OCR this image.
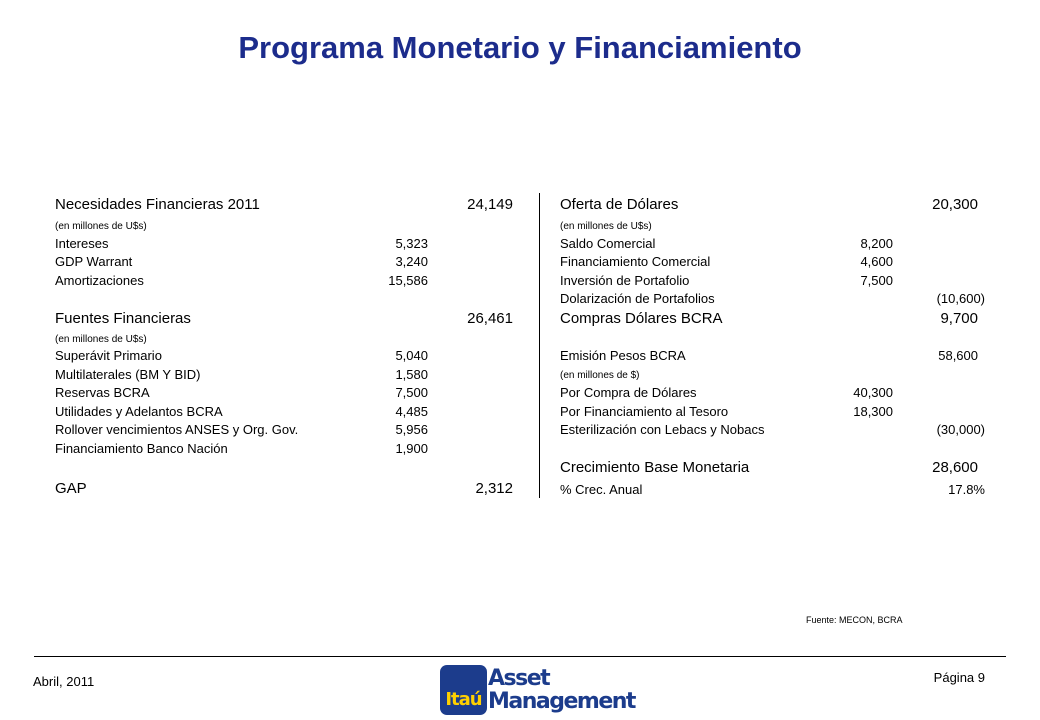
Programa Monetario y Financiamiento
Necesidades Financieras 2011	24,149
(en millones de U$s)
Intereses	5,323
GDP Warrant	3,240
Amortizaciones	15,586
Fuentes Financieras	26,461
(en millones de U$s)
Superávit Primario	5,040
Multilaterales (BM Y BID)	1,580
Reservas BCRA	7,500
Utilidades y Adelantos BCRA	4,485
Rollover vencimientos ANSES y Org. Gov.	5,956
Financiamiento Banco Nación	1,900
GAP	2,312
Oferta de Dólares	20,300
(en millones de U$s)
Saldo Comercial	8,200
Financiamiento Comercial	4,600
Inversión de Portafolio	7,500
Dolarización de Portafolios	(10,600)
Compras Dólares BCRA	9,700
Emisión Pesos BCRA	58,600
(en millones de $)
Por Compra de Dólares	40,300
Por Financiamiento al Tesoro	18,300
Esterilización con Lebacs y Nobacs	(30,000)
Crecimiento Base Monetaria	28,600
% Crec. Anual	17.8%
Fuente: MECON, BCRA
Abril, 2011
Itaú
Asset
Management
Página 9
